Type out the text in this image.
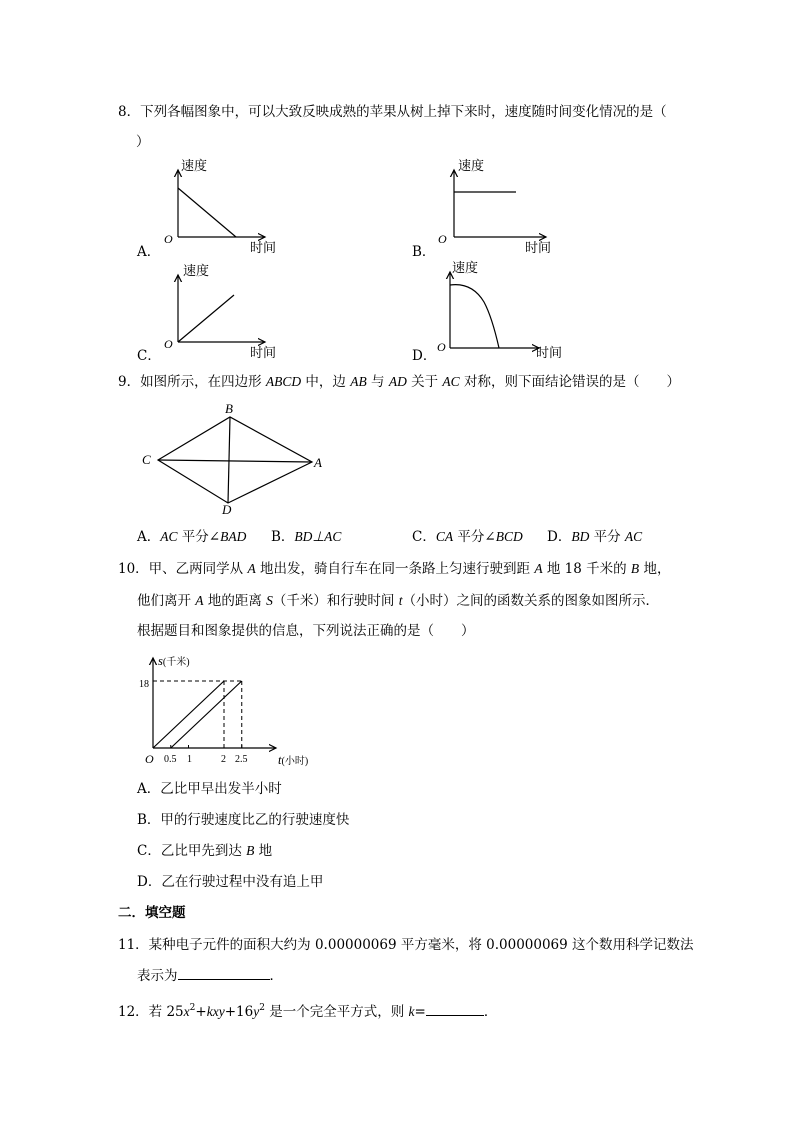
8．下列各幅图象中，可以大致反映成熟的苹果从树上掉下来时，速度随时间变化情况的是（
）
速度
时间
O
A．
速度
时间
O
B．
速度
时间
O
C．
速度
时间
O
D．
9．如图所示，在四边形 ABCD 中，边 AB 与 AD 关于 AC 对称，则下面结论错误的是（　　）
B
C	A
D
A．AC 平分∠BAD B．BD⊥AC	C．CA 平分∠BCD D．BD 平分 AC
10．甲、乙两同学从 A 地出发，骑自行车在同一条路上匀速行驶到距 A 地 18 千米的 B 地，
他们离开 A 地的距离 S（千米）和行驶时间 t（小时）之间的函数关系的图象如图所示．
根据题目和图象提供的信息，下列说法正确的是（　　）
s(千米)
t(小时)
O
18
0.5 1	2 2.5
A．乙比甲早出发半小时
B．甲的行驶速度比乙的行驶速度快
C．乙比甲先到达 B 地
D．乙在行驶过程中没有追上甲
二．填空题
11．某种电子元件的面积大约为 0.00000069 平方毫米，将 0.00000069 这个数用科学记数法
表示为	．
12．若 $25x^2+kxy+16y^2$ 是一个完全平方式，则 k=	．
